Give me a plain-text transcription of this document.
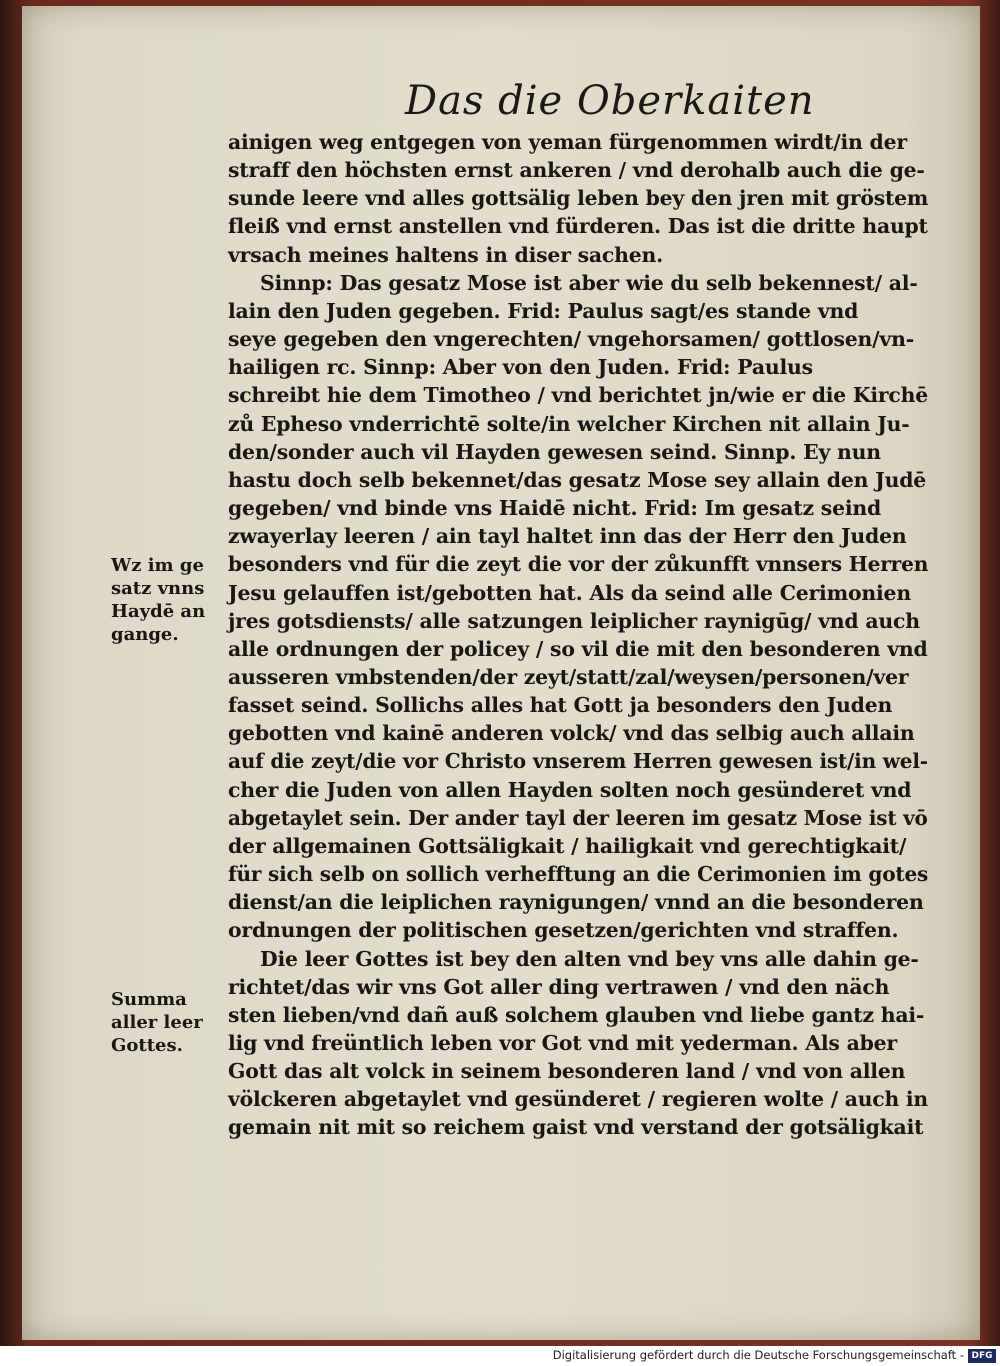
Das die Oberkaiten
ainigen weg entgegen von yeman fürgenommen wirdt/in der
straff den höchsten ernst ankeren / vnd derohalb auch die ge-
sunde leere vnd alles gottsälig leben bey den jren mit gröstem
fleiß vnd ernst anstellen vnd fürderen. Das ist die dritte haupt
vrsach meines haltens in diser sachen.
Sinnp: Das gesatz Mose ist aber wie du selb bekennest/ al-
lain den Juden gegeben. Frid: Paulus sagt/es stande vnd
seye gegeben den vngerechten/ vngehorsamen/ gottlosen/vn-
hailigen rc. Sinnp: Aber von den Juden. Frid: Paulus
schreibt hie dem Timotheo / vnd berichtet jn/wie er die Kirchē
zů Epheso vnderrichtē solte/in welcher Kirchen nit allain Ju-
den/sonder auch vil Hayden gewesen seind. Sinnp. Ey nun
hastu doch selb bekennet/das gesatz Mose sey allain den Judē
gegeben/ vnd binde vns Haidē nicht. Frid: Im gesatz seind
zwayerlay leeren / ain tayl haltet inn das der Herr den Juden
besonders vnd für die zeyt die vor der zůkunfft vnnsers Herren
Jesu gelauffen ist/gebotten hat. Als da seind alle Cerimonien
jres gotsdiensts/ alle satzungen leiplicher raynigūg/ vnd auch
alle ordnungen der policey / so vil die mit den besonderen vnd
ausseren vmbstenden/der zeyt/statt/zal/weysen/personen/ver
fasset seind. Sollichs alles hat Gott ja besonders den Juden
gebotten vnd kainē anderen volck/ vnd das selbig auch allain
auf die zeyt/die vor Christo vnserem Herren gewesen ist/in wel-
cher die Juden von allen Hayden solten noch gesünderet vnd
abgetaylet sein. Der ander tayl der leeren im gesatz Mose ist vō
der allgemainen Gottsäligkait / hailigkait vnd gerechtigkait/
für sich selb on sollich verhefftung an die Cerimonien im gotes
dienst/an die leiplichen raynigungen/ vnnd an die besonderen
ordnungen der politischen gesetzen/gerichten vnd straffen.
Die leer Gottes ist bey den alten vnd bey vns alle dahin ge-
richtet/das wir vns Got aller ding vertrawen / vnd den näch
sten lieben/vnd dañ auß solchem glauben vnd liebe gantz hai-
lig vnd freüntlich leben vor Got vnd mit yederman. Als aber
Gott das alt volck in seinem besonderen land / vnd von allen
völckeren abgetaylet vnd gesünderet / regieren wolte / auch in
gemain nit mit so reichem gaist vnd verstand der gotsäligkait
Wz im ge
satz vnns
Haydē an
gange.
Summa
aller leer
Gottes.
Digitalisierung gefördert durch die Deutsche Forschungsgemeinschaft - DFG
